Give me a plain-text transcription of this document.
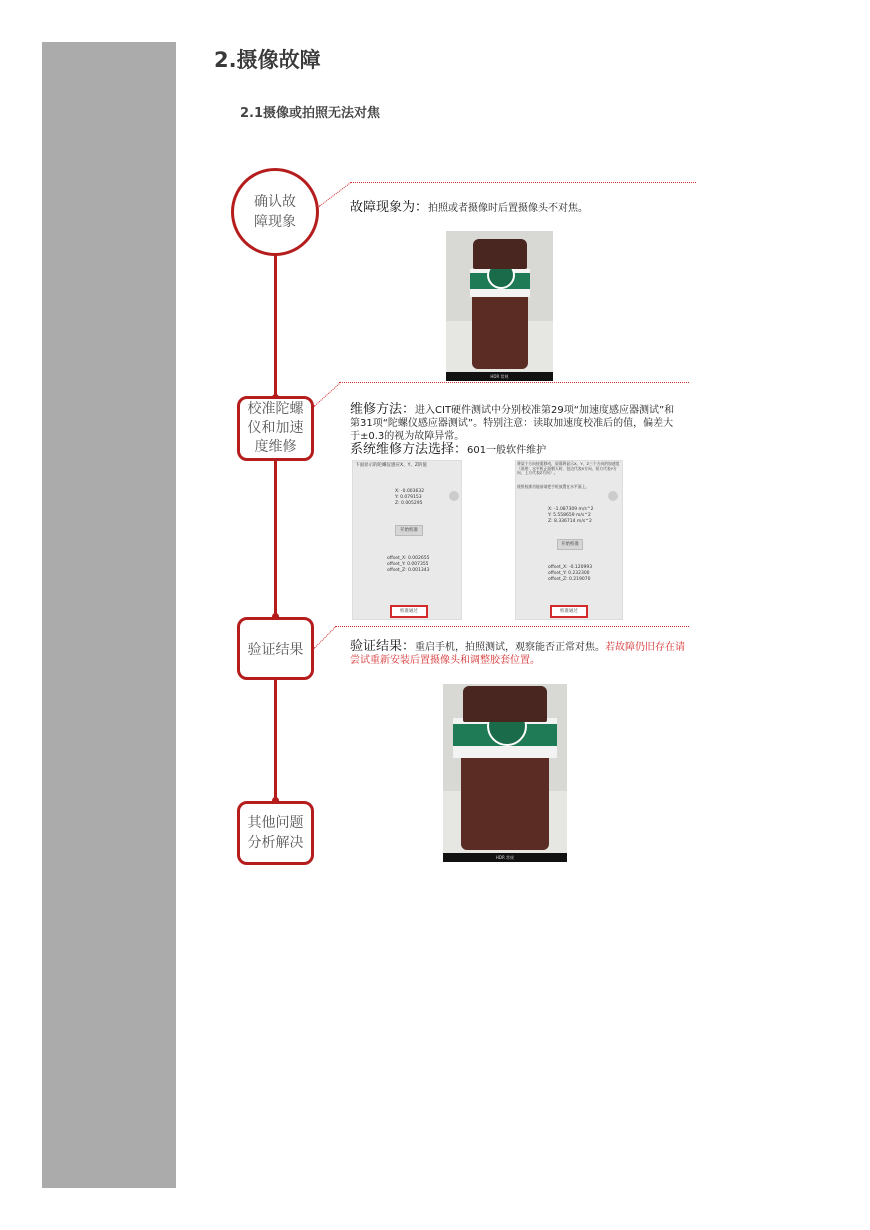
2.摄像故障
2.1摄像或拍照无法对焦
确认故
障现象
校准陀螺
仪和加速
度维修
验证结果
其他问题
分析解决
故障现象为：拍照或者摄像时后置摄像头不对焦。
HDR 常规
维修方法：进入CIT硬件测试中分别校准第29项“加速度感应器测试”和
第31项“陀螺仪感应器测试”。特别注意：读取加速度校准后的值，偏差大
于±0.3的视为故障异常。
系统维修方法选择：601一般软件维护
下面显示的陀螺仪感应X、Y、Z的值
X: -0.003632
Y: 0.079153
Z: 0.005295
开始校准
offset_X: 0.002655
offset_Y: 0.007355
offset_Z: 0.001343
校准通过
将某个方向按重移动，屏幕将显示X、Y、Z三个方向的加速度（说明：水平机正面朝天时，包边代表X方向，短方代表Y方向，上方代表Z方向）。
使用校准功能前请把手机放置在水平面上。
X: -1.087309 m/s^2
Y: 5.558659 m/s^2
Z: 8.336714 m/s^2
开始校准
offset_X: -0.120993
offset_Y: 0.232300
offset_Z: 0.219070
校准通过
验证结果：重启手机，拍照测试，观察能否正常对焦。若故障仍旧存在请
尝试重新安装后置摄像头和调整胶套位置。
HDR 常规
